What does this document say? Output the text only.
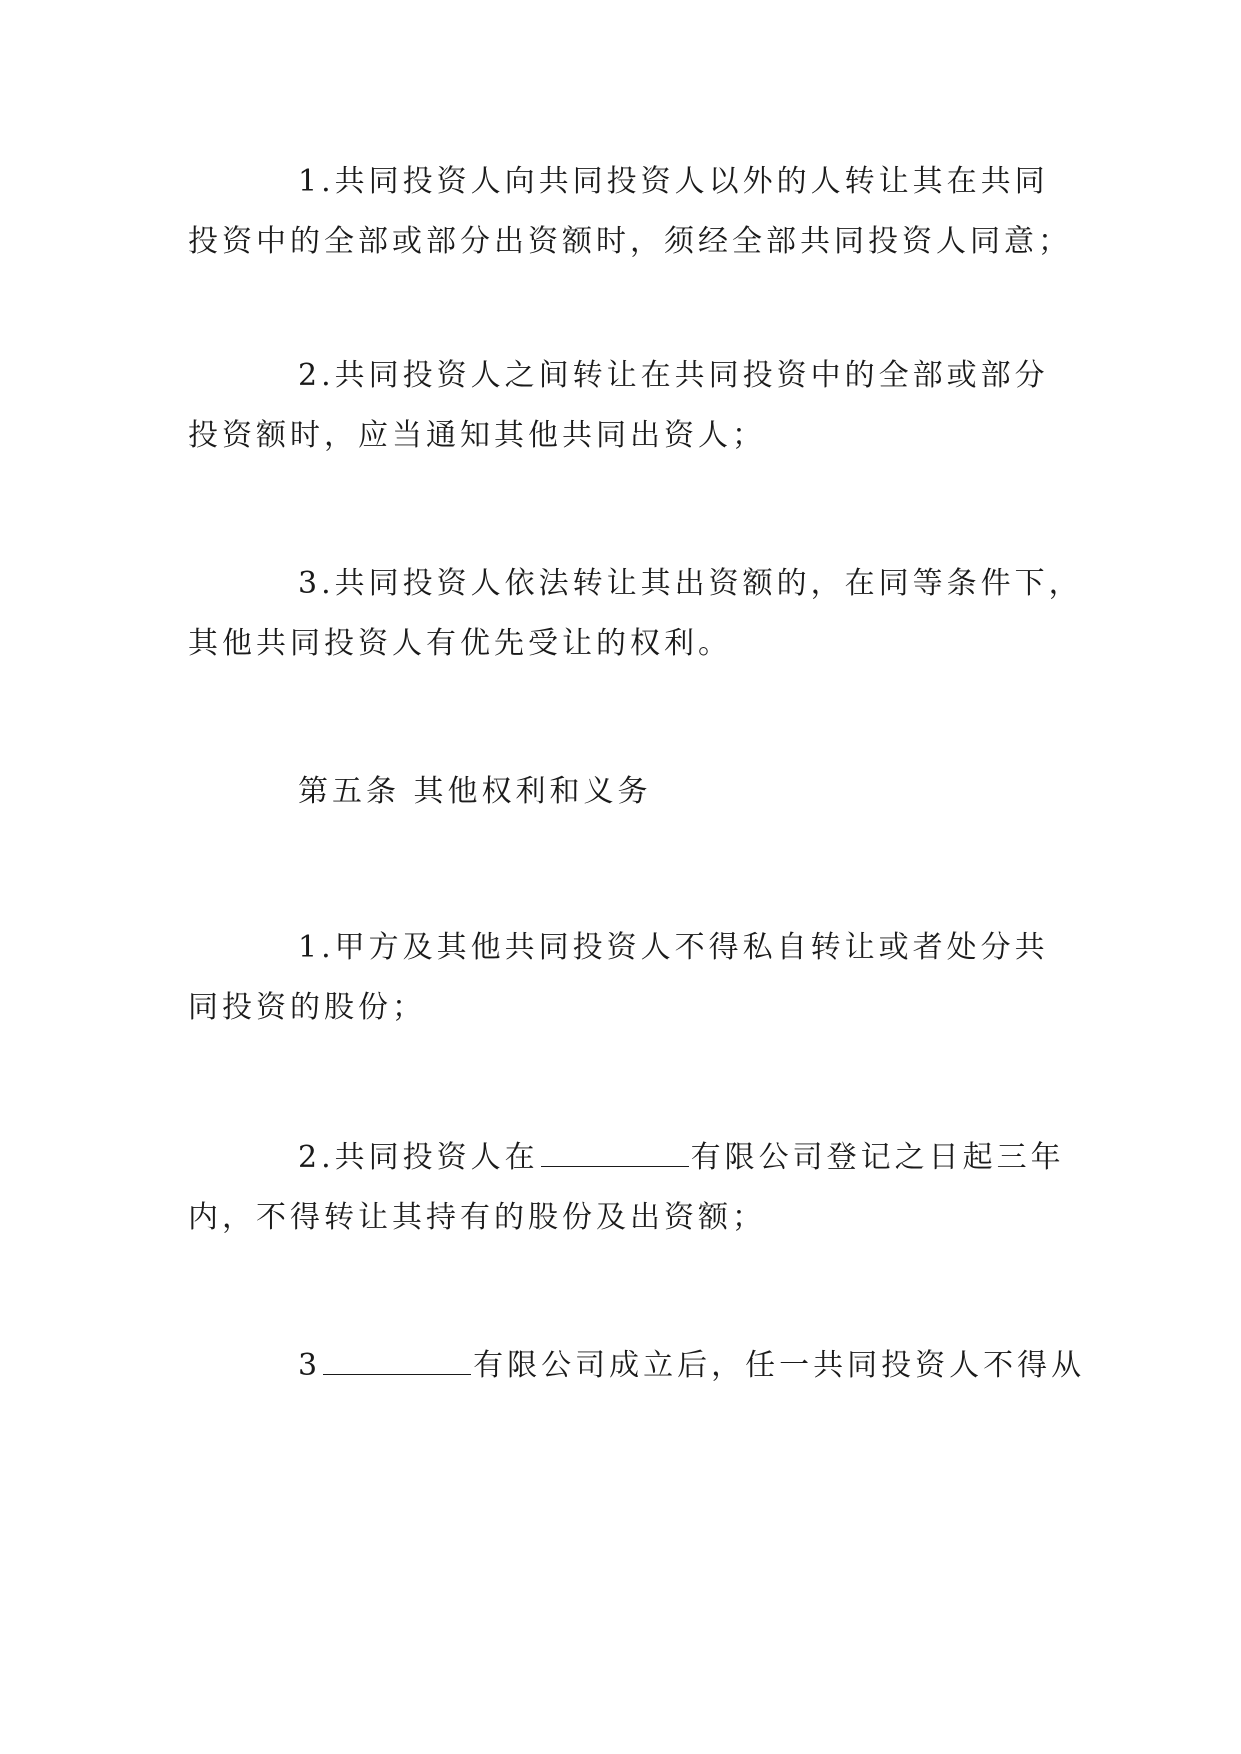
1.共同投资人向共同投资人以外的人转让其在共同
投资中的全部或部分出资额时，须经全部共同投资人同意；

2.共同投资人之间转让在共同投资中的全部或部分
投资额时，应当通知其他共同出资人；

3.共同投资人依法转让其出资额的，在同等条件下，
其他共同投资人有优先受让的权利。

第五条 其他权利和义务

1.甲方及其他共同投资人不得私自转让或者处分共
同投资的股份；

2.共同投资人在	有限公司登记之日起三年
内，不得转让其持有的股份及出资额；

3	有限公司成立后，任一共同投资人不得从
